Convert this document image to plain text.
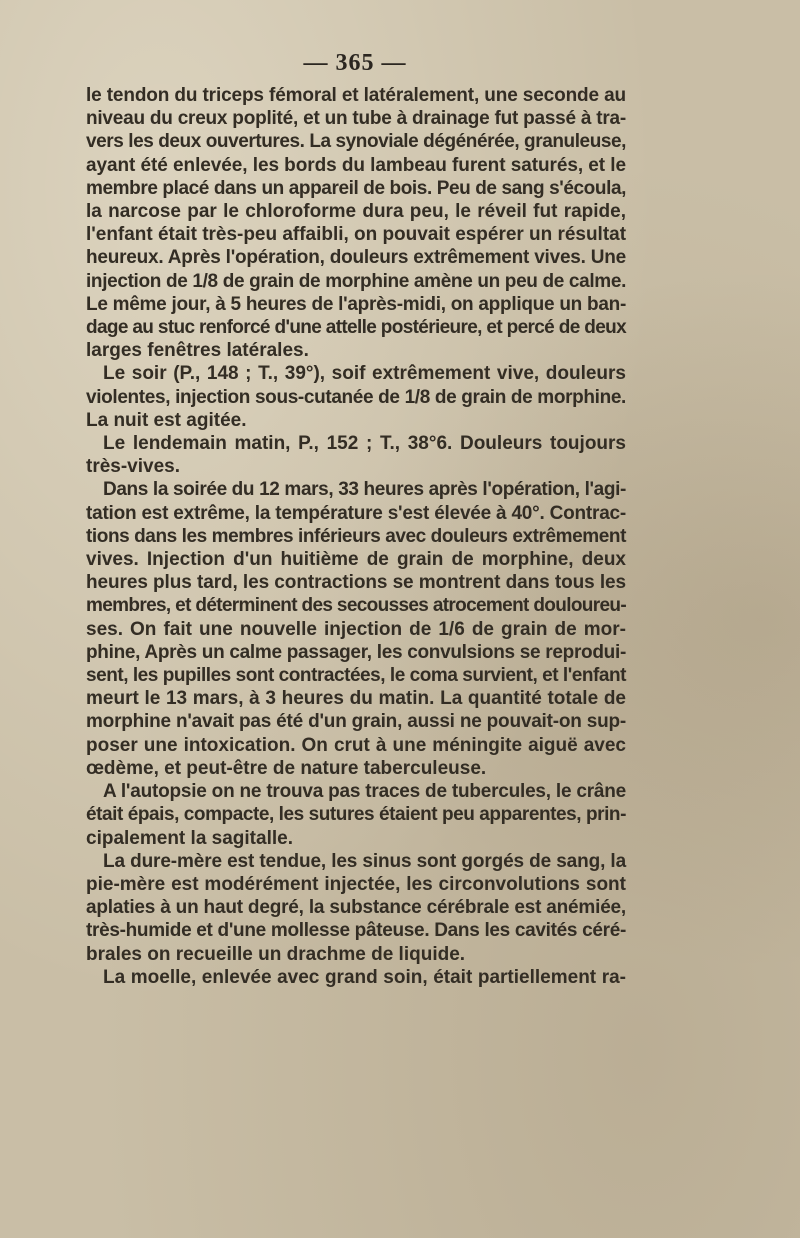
— 365 —
le tendon du triceps fémoral et latéralement, une seconde au
niveau du creux poplité, et un tube à drainage fut passé à tra-
vers les deux ouvertures. La synoviale dégénérée, granuleuse,
ayant été enlevée, les bords du lambeau furent saturés, et le
membre placé dans un appareil de bois. Peu de sang s'écoula,
la narcose par le chloroforme dura peu, le réveil fut rapide,
l'enfant était très-peu affaibli, on pouvait espérer un résultat
heureux. Après l'opération, douleurs extrêmement vives. Une
injection de 1/8 de grain de morphine amène un peu de calme.
Le même jour, à 5 heures de l'après-midi, on applique un ban-
dage au stuc renforcé d'une attelle postérieure, et percé de deux
larges fenêtres latérales.
Le soir (P., 148 ; T., 39°), soif extrêmement vive, douleurs
violentes, injection sous-cutanée de 1/8 de grain de morphine.
La nuit est agitée.
Le lendemain matin, P., 152 ; T., 38°6. Douleurs toujours
très-vives.
Dans la soirée du 12 mars, 33 heures après l'opération, l'agi-
tation est extrême, la température s'est élevée à 40°. Contrac-
tions dans les membres inférieurs avec douleurs extrêmement
vives. Injection d'un huitième de grain de morphine, deux
heures plus tard, les contractions se montrent dans tous les
membres, et déterminent des secousses atrocement douloureu-
ses. On fait une nouvelle injection de 1/6 de grain de mor-
phine, Après un calme passager, les convulsions se reprodui-
sent, les pupilles sont contractées, le coma survient, et l'enfant
meurt le 13 mars, à 3 heures du matin. La quantité totale de
morphine n'avait pas été d'un grain, aussi ne pouvait-on sup-
poser une intoxication. On crut à une méningite aiguë avec
œdème, et peut-être de nature taberculeuse.
A l'autopsie on ne trouva pas traces de tubercules, le crâne
était épais, compacte, les sutures étaient peu apparentes, prin-
cipalement la sagitalle.
La dure-mère est tendue, les sinus sont gorgés de sang, la
pie-mère est modérément injectée, les circonvolutions sont
aplaties à un haut degré, la substance cérébrale est anémiée,
très-humide et d'une mollesse pâteuse. Dans les cavités céré-
brales on recueille un drachme de liquide.
La moelle, enlevée avec grand soin, était partiellement ra-
